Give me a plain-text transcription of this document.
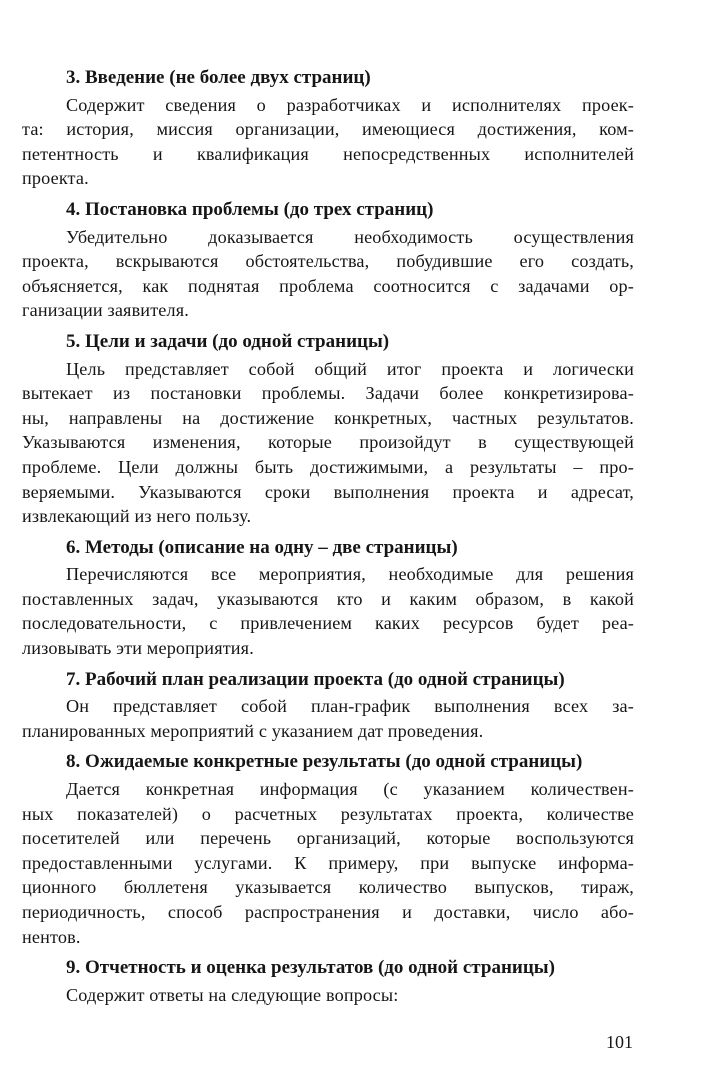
3. Введение (не более двух страниц)
Содержит сведения о разработчиках и исполнителях проек-
та: история, миссия организации, имеющиеся достижения, ком-
петентность и квалификация непосредственных исполнителей
проекта.
4. Постановка проблемы (до трех страниц)
Убедительно доказывается необходимость осуществления
проекта, вскрываются обстоятельства, побудившие его создать,
объясняется, как поднятая проблема соотносится с задачами ор-
ганизации заявителя.
5. Цели и задачи (до одной страницы)
Цель представляет собой общий итог проекта и логически
вытекает из постановки проблемы. Задачи более конкретизирова-
ны, направлены на достижение конкретных, частных результатов.
Указываются изменения, которые произойдут в существующей
проблеме. Цели должны быть достижимыми, а результаты – про-
веряемыми. Указываются сроки выполнения проекта и адресат,
извлекающий из него пользу.
6. Методы (описание на одну – две страницы)
Перечисляются все мероприятия, необходимые для решения
поставленных задач, указываются кто и каким образом, в какой
последовательности, с привлечением каких ресурсов будет реа-
лизовывать эти мероприятия.
7. Рабочий план реализации проекта (до одной страницы)
Он представляет собой план-график выполнения всех за-
планированных мероприятий с указанием дат проведения.
8. Ожидаемые конкретные результаты (до одной страницы)
Дается конкретная информация (с указанием количествен-
ных показателей) о расчетных результатах проекта, количестве
посетителей или перечень организаций, которые воспользуются
предоставленными услугами. К примеру, при выпуске информа-
ционного бюллетеня указывается количество выпусков, тираж,
периодичность, способ распространения и доставки, число або-
нентов.
9. Отчетность и оценка результатов (до одной страницы)
Содержит ответы на следующие вопросы:
101
